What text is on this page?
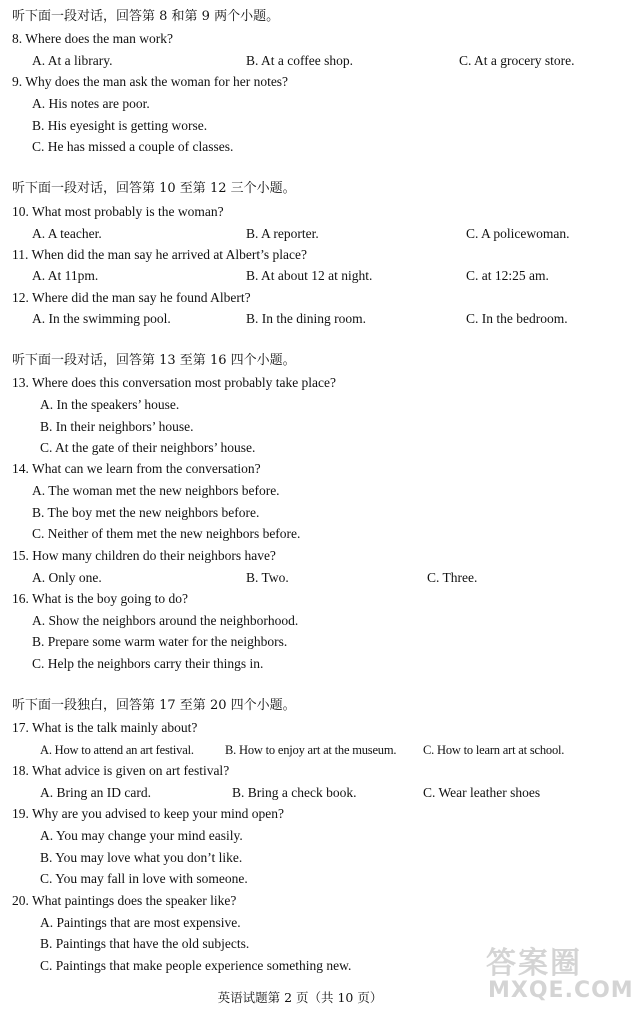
听下面一段对话，回答第 8 和第 9 两个小题。
8. Where does the man work?
A. At a library.	B. At a coffee shop.	C. At a grocery store.
9. Why does the man ask the woman for her notes?
A. His notes are poor.
B. His eyesight is getting worse.
C. He has missed a couple of classes.
听下面一段对话，回答第 10 至第 12 三个小题。
10. What most probably is the woman?
A. A teacher.	B. A reporter.	C. A policewoman.
11. When did the man say he arrived at Albert’s place?
A. At 11pm.	B. At about 12 at night.	C. at 12:25 am.
12. Where did the man say he found Albert?
A. In the swimming pool.	B. In the dining room.	C. In the bedroom.
听下面一段对话，回答第 13 至第 16 四个小题。
13. Where does this conversation most probably take place?
A. In the speakers’ house.
B. In their neighbors’ house.
C. At the gate of their neighbors’ house.
14. What can we learn from the conversation?
A. The woman met the new neighbors before.
B. The boy met the new neighbors before.
C. Neither of them met the new neighbors before.
15. How many children do their neighbors have?
A. Only one.	B. Two.	C. Three.
16. What is the boy going to do?
A. Show the neighbors around the neighborhood.
B. Prepare some warm water for the neighbors.
C. Help the neighbors carry their things in.
听下面一段独白，回答第 17 至第 20 四个小题。
17. What is the talk mainly about?
A. How to attend an art festival. B. How to enjoy art at the museum. C. How to learn art at school.
18. What advice is given on art festival?
A. Bring an ID card.	B. Bring a check book.	C. Wear leather shoes
19. Why are you advised to keep your mind open?
A. You may change your mind easily.
B. You may love what you don’t like.
C. You may fall in love with someone.
20. What paintings does the speaker like?
A. Paintings that are most expensive.
B. Paintings that have the old subjects.
C. Paintings that make people experience something new.
英语试题第 2 页（共 10 页）
答案圈
MXQE.COM
